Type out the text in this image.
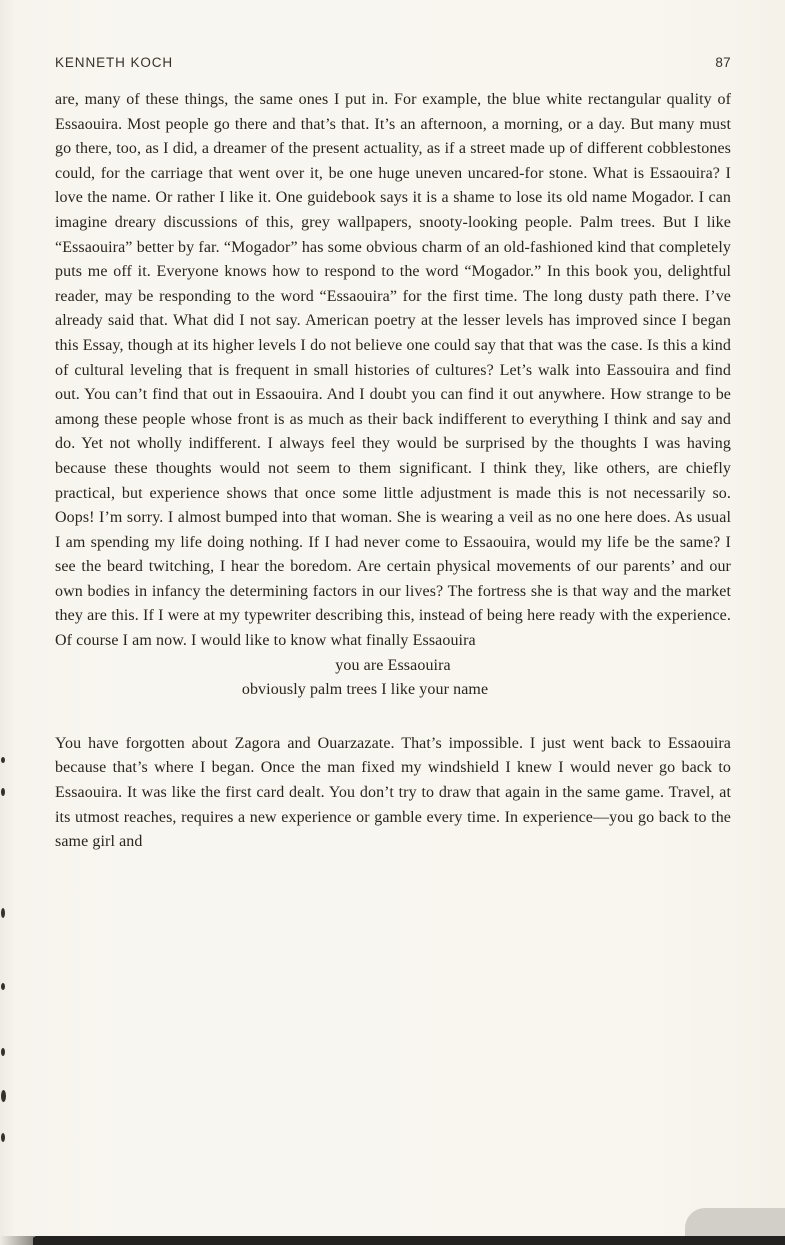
KENNETH KOCH	87

are, many of these things, the same ones I put in. For example, the blue white rectangular quality of Essaouira. Most people go there and that’s that. It’s an afternoon, a morning, or a day. But many must go there, too, as I did, a dreamer of the present actuality, as if a street made up of different cobblestones could, for the carriage that went over it, be one huge uneven uncared-for stone. What is Essaouira? I love the name. Or rather I like it. One guidebook says it is a shame to lose its old name Mogador. I can imagine dreary discussions of this, grey wallpapers, snooty-looking people. Palm trees. But I like “Essaouira” better by far. “Mogador” has some obvious charm of an old-fashioned kind that completely puts me off it. Everyone knows how to respond to the word “Mogador.” In this book you, delightful reader, may be responding to the word “Essaouira” for the first time. The long dusty path there. I’ve already said that. What did I not say. American poetry at the lesser levels has improved since I began this Essay, though at its higher levels I do not believe one could say that that was the case. Is this a kind of cultural leveling that is frequent in small histories of cultures? Let’s walk into Eassouira and find out. You can’t find that out in Essaouira. And I doubt you can find it out anywhere. How strange to be among these people whose front is as much as their back indifferent to everything I think and say and do. Yet not wholly indifferent. I always feel they would be surprised by the thoughts I was having because these thoughts would not seem to them significant. I think they, like others, are chiefly practical, but experience shows that once some little adjustment is made this is not necessarily so. Oops! I’m sorry. I almost bumped into that woman. She is wearing a veil as no one here does. As usual I am spending my life doing nothing. If I had never come to Essaouira, would my life be the same? I see the beard twitching, I hear the boredom. Are certain physical movements of our parents’ and our own bodies in infancy the determining factors in our lives? The fortress she is that way and the market they are this. If I were at my typewriter describing this, instead of being here ready with the experience. Of course I am now. I would like to know what finally Essaouira

you are Essaouira
obviously palm trees I like your name

You have forgotten about Zagora and Ouarzazate. That’s impossible. I just went back to Essaouira because that’s where I began. Once the man fixed my windshield I knew I would never go back to Essaouira. It was like the first card dealt. You don’t try to draw that again in the same game. Travel, at its utmost reaches, requires a new experience or gamble every time. In experience—you go back to the same girl and
